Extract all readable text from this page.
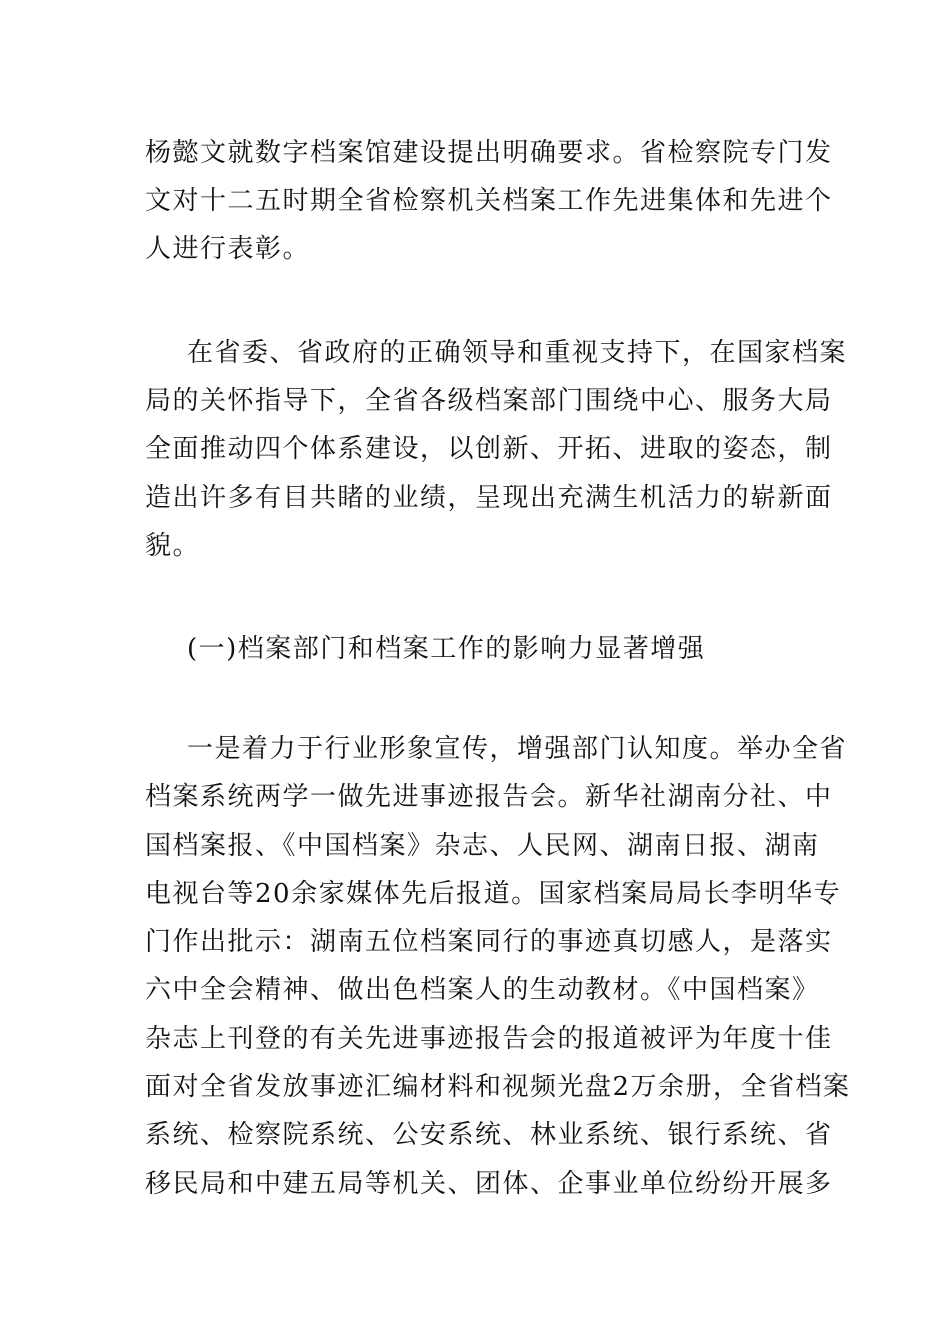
杨懿文就数字档案馆建设提出明确要求。省检察院专门发
文对十二五时期全省检察机关档案工作先进集体和先进个
人进行表彰。
在省委、省政府的正确领导和重视支持下，在国家档案
局的关怀指导下，全省各级档案部门围绕中心、服务大局
全面推动四个体系建设，以创新、开拓、进取的姿态，制
造出许多有目共睹的业绩，呈现出充满生机活力的崭新面
貌。
(一)档案部门和档案工作的影响力显著增强
一是着力于行业形象宣传，增强部门认知度。举办全省
档案系统两学一做先进事迹报告会。新华社湖南分社、中
国档案报、《中国档案》杂志、人民网、湖南日报、湖南
电视台等20余家媒体先后报道。国家档案局局长李明华专
门作出批示：湖南五位档案同行的事迹真切感人，是落实
六中全会精神、做出色档案人的生动教材。《中国档案》
杂志上刊登的有关先进事迹报告会的报道被评为年度十佳
面对全省发放事迹汇编材料和视频光盘2万余册，全省档案
系统、检察院系统、公安系统、林业系统、银行系统、省
移民局和中建五局等机关、团体、企事业单位纷纷开展多
